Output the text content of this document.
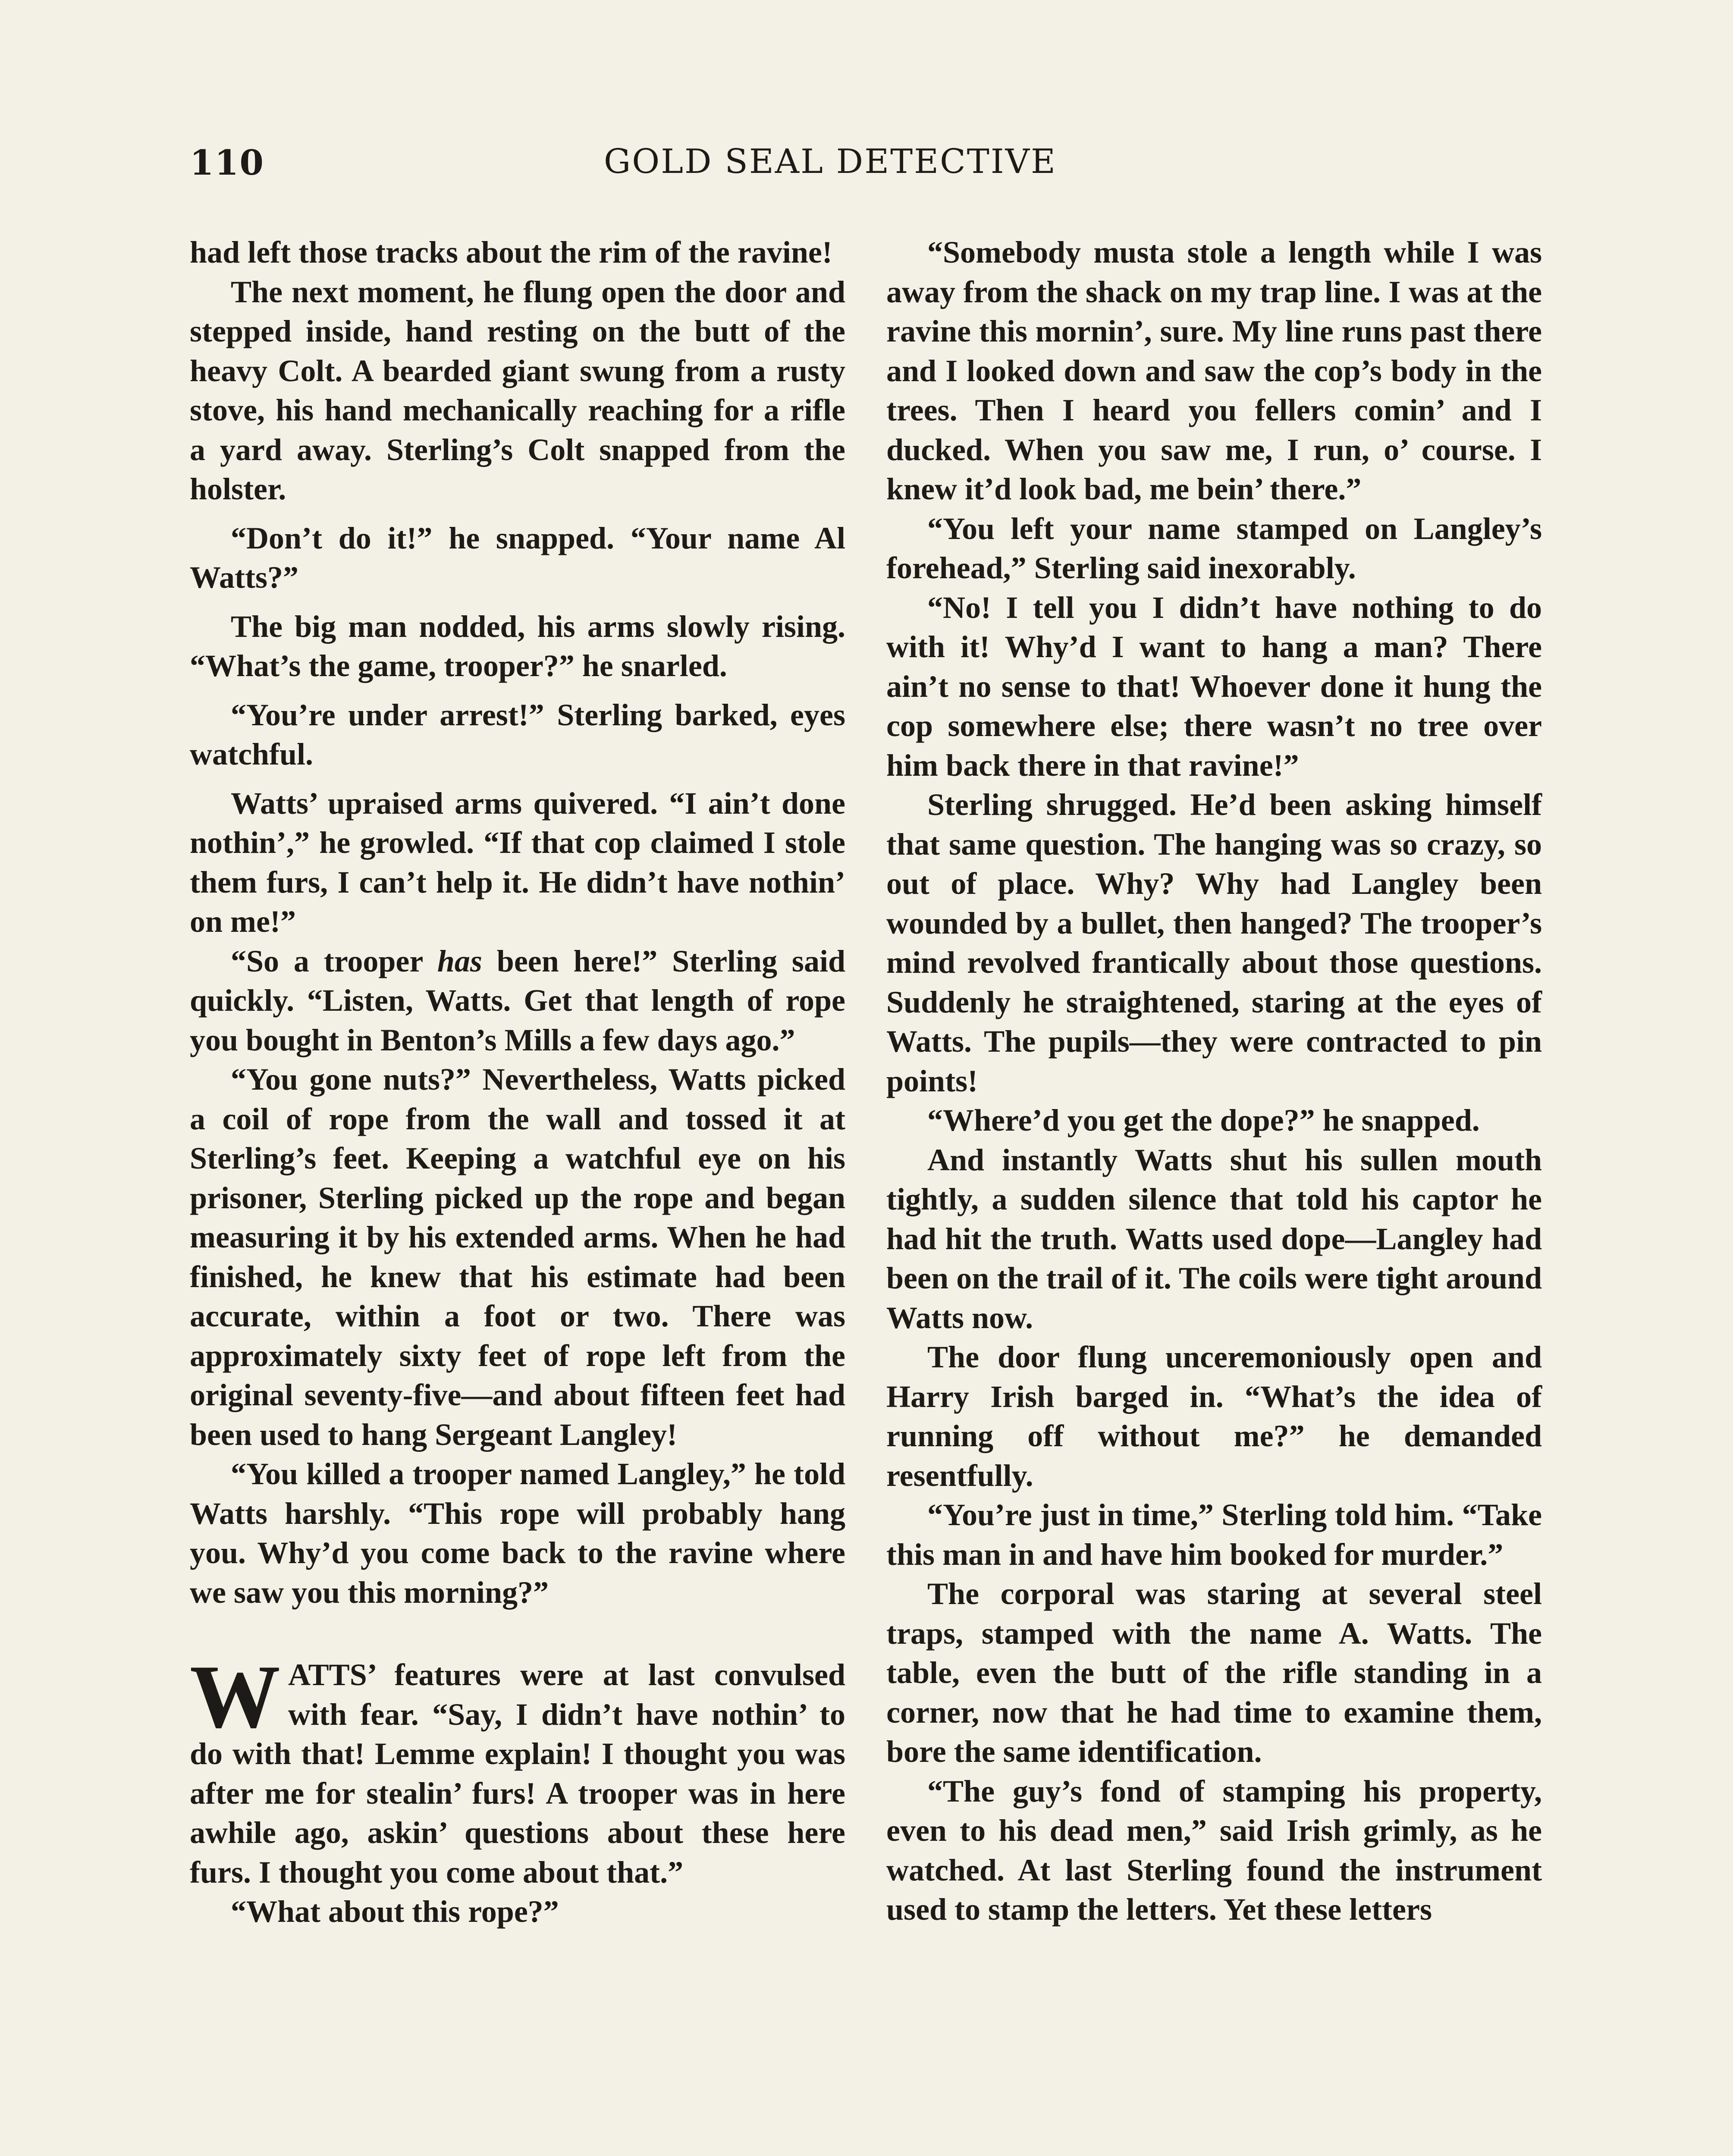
110	GOLD SEAL DETECTIVE

had left those tracks about the rim of the ravine!

The next moment, he flung open the door and stepped inside, hand resting on the butt of the heavy Colt. A bearded giant swung from a rusty stove, his hand mechanically reaching for a rifle a yard away. Sterling’s Colt snapped from the holster.

“Don’t do it!” he snapped. “Your name Al Watts?”

The big man nodded, his arms slowly rising. “What’s the game, trooper?” he snarled.

“You’re under arrest!” Sterling barked, eyes watchful.

Watts’ upraised arms quivered. “I ain’t done nothin’,” he growled. “If that cop claimed I stole them furs, I can’t help it. He didn’t have nothin’ on me!”

“So a trooper has been here!” Sterling said quickly. “Listen, Watts. Get that length of rope you bought in Benton’s Mills a few days ago.”

“You gone nuts?” Nevertheless, Watts picked a coil of rope from the wall and tossed it at Sterling’s feet. Keeping a watchful eye on his prisoner, Sterling picked up the rope and began measuring it by his extended arms. When he had finished, he knew that his estimate had been accurate, within a foot or two. There was approximately sixty feet of rope left from the original seventy-five—and about fifteen feet had been used to hang Sergeant Langley!

“You killed a trooper named Langley,” he told Watts harshly. “This rope will probably hang you. Why’d you come back to the ravine where we saw you this morning?”

WATTS’ features were at last convulsed with fear. “Say, I didn’t have nothin’ to do with that! Lemme explain! I thought you was after me for stealin’ furs! A trooper was in here awhile ago, askin’ questions about these here furs. I thought you come about that.”

“What about this rope?”

“Somebody musta stole a length while I was away from the shack on my trap line. I was at the ravine this mornin’, sure. My line runs past there and I looked down and saw the cop’s body in the trees. Then I heard you fellers comin’ and I ducked. When you saw me, I run, o’ course. I knew it’d look bad, me bein’ there.”

“You left your name stamped on Langley’s forehead,” Sterling said inexorably.

“No! I tell you I didn’t have nothing to do with it! Why’d I want to hang a man? There ain’t no sense to that! Whoever done it hung the cop somewhere else; there wasn’t no tree over him back there in that ravine!”

Sterling shrugged. He’d been asking himself that same question. The hanging was so crazy, so out of place. Why? Why had Langley been wounded by a bullet, then hanged? The trooper’s mind revolved frantically about those questions. Suddenly he straightened, staring at the eyes of Watts. The pupils—they were contracted to pin points!

“Where’d you get the dope?” he snapped.

And instantly Watts shut his sullen mouth tightly, a sudden silence that told his captor he had hit the truth. Watts used dope—Langley had been on the trail of it. The coils were tight around Watts now.

The door flung unceremoniously open and Harry Irish barged in. “What’s the idea of running off without me?” he demanded resentfully.

“You’re just in time,” Sterling told him. “Take this man in and have him booked for murder.”

The corporal was staring at several steel traps, stamped with the name A. Watts. The table, even the butt of the rifle standing in a corner, now that he had time to examine them, bore the same identification.

“The guy’s fond of stamping his property, even to his dead men,” said Irish grimly, as he watched. At last Sterling found the instrument used to stamp the letters. Yet these letters
